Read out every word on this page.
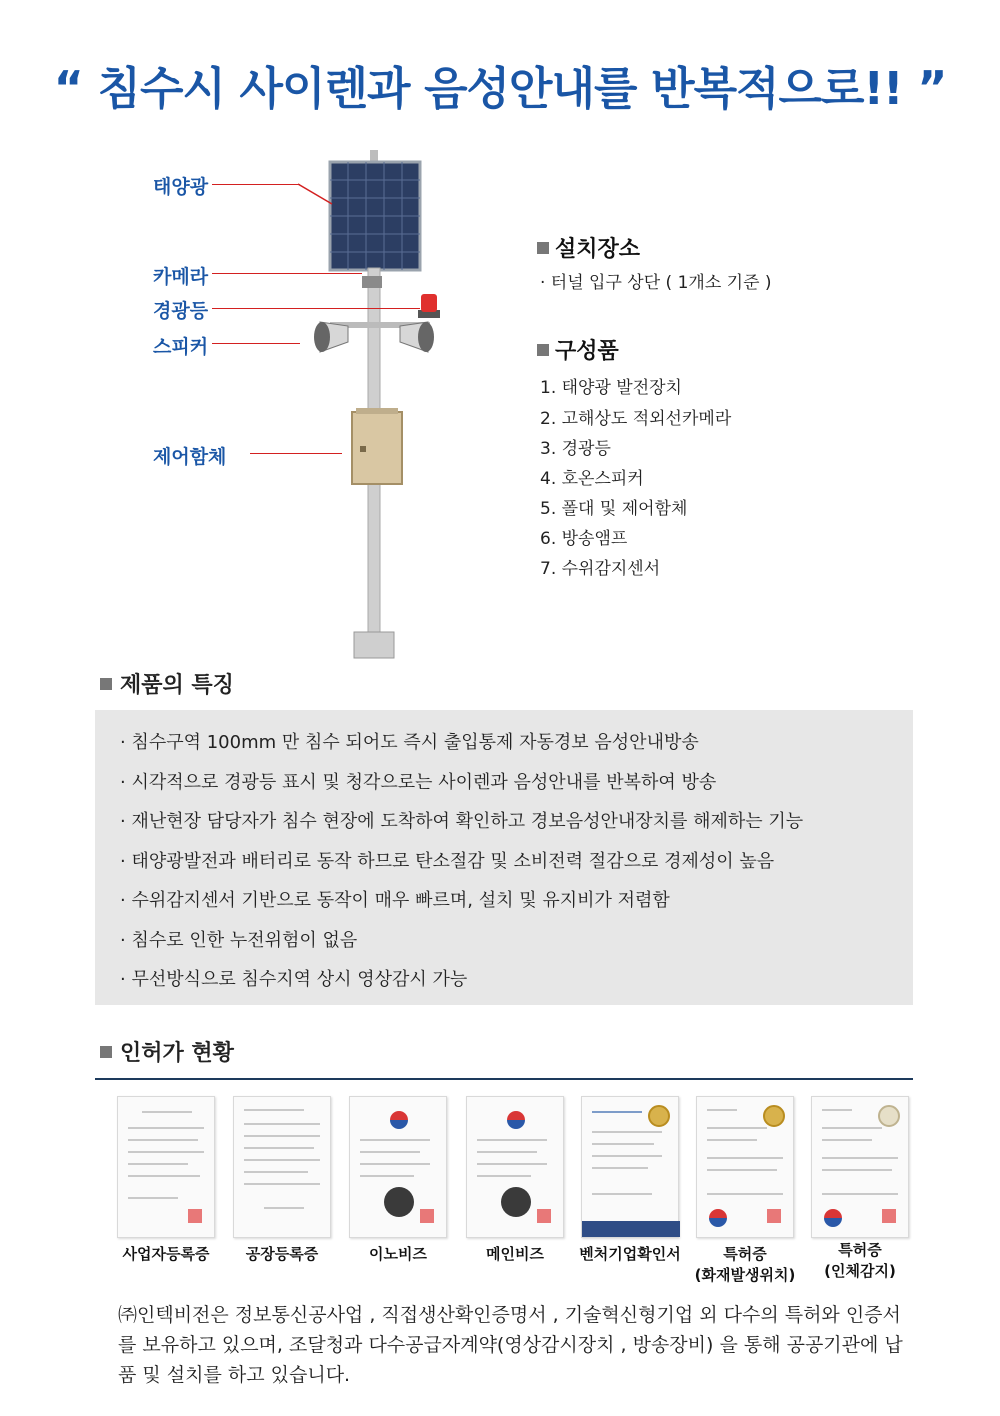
“ 침수시 사이렌과 음성안내를 반복적으로!! ”
태양광
카메라
경광등
스피커
제어함체
설치장소
· 터널 입구 상단 ( 1개소 기준 )
구성품
1. 태양광 발전장치
2. 고해상도 적외선카메라
3. 경광등
4. 호온스피커
5. 폴대 및 제어함체
6. 방송앰프
7. 수위감지센서
제품의 특징
· 침수구역 100mm 만 침수 되어도 즉시 출입통제 자동경보 음성안내방송
· 시각적으로 경광등 표시 및 청각으로는 사이렌과 음성안내를 반복하여 방송
· 재난현장 담당자가 침수 현장에 도착하여 확인하고 경보음성안내장치를 해제하는 기능
· 태양광발전과 배터리로 동작 하므로 탄소절감 및 소비전력 절감으로 경제성이 높음
· 수위감지센서 기반으로 동작이 매우 빠르며, 설치 및 유지비가 저렴함
· 침수로 인한 누전위험이 없음
· 무선방식으로 침수지역 상시 영상감시 가능
인허가 현황
사업자등록증	공장등록증	이노비즈	메인비즈	벤처기업확인서	특허증
(화재발생위치)
특허증
(인체감지)
㈜인텍비전은 정보통신공사업 , 직접생산확인증명서 , 기술혁신형기업 외 다수의 특허와 인증서를 보유하고 있으며, 조달청과 다수공급자계약(영상감시장치 , 방송장비) 을 통해 공공기관에 납품 및 설치를 하고 있습니다.
